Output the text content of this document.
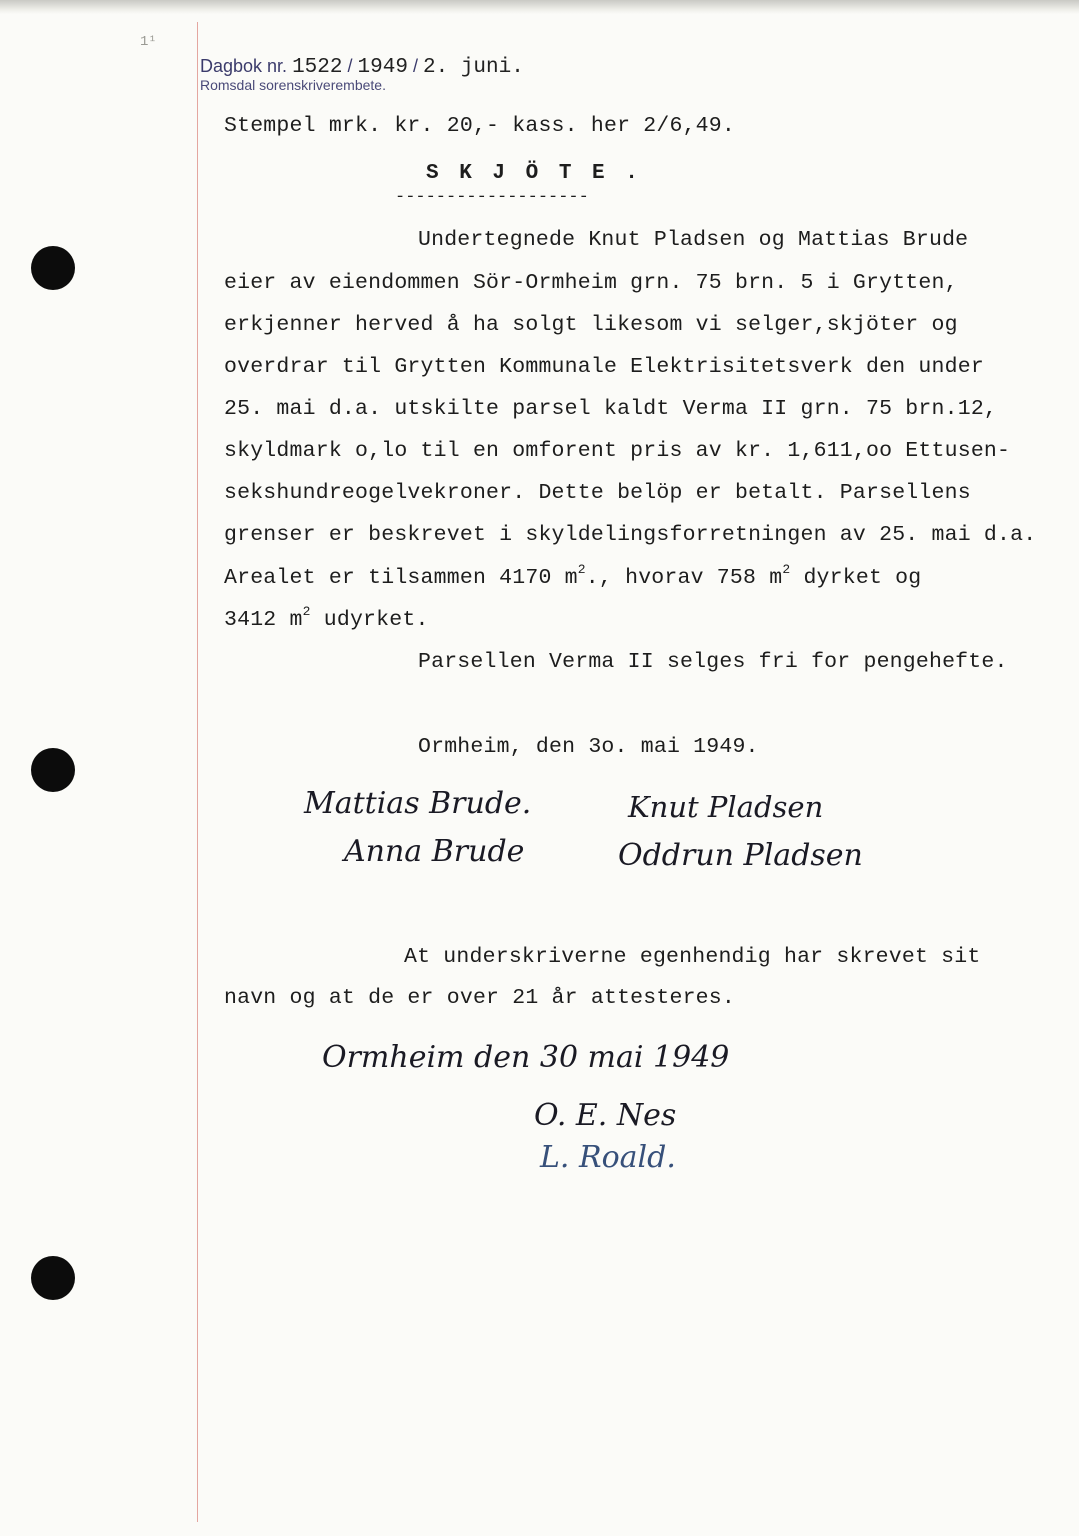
1¹
Dagbok nr. 1522 / 1949 / 2. juni.
Romsdal sorenskriverembete.
Stempel mrk. kr. 20,- kass. her 2/6,49.
S K J Ö T E .
-------------------
Undertegnede Knut Pladsen og Mattias Brude
eier av eiendommen Sör-Ormheim grn. 75 brn. 5 i Grytten,
erkjenner herved å ha solgt likesom vi selger,skjöter og
overdrar til Grytten Kommunale Elektrisitetsverk den under
25. mai d.a. utskilte parsel kaldt Verma II grn. 75 brn.12,
skyldmark o,lo til en omforent pris av kr. 1,611,oo Ettusen-
sekshundreogelvekroner. Dette belöp er betalt. Parsellens
grenser er beskrevet i skyldelingsforretningen av 25. mai d.a.
Arealet er tilsammen 4170 $m^2$., hvorav 758 $m^2$ dyrket og
3412 $m^2$ udyrket.
Parsellen Verma II selges fri for pengehefte.
Ormheim, den 3o. mai 1949.
Mattias Brude.	Knut Pladsen
Anna Brude	Oddrun Pladsen
At underskriverne egenhendig har skrevet sit
navn og at de er over 21 år attesteres.
Ormheim den 30 mai 1949
O. E. Nes
L. Roald.
